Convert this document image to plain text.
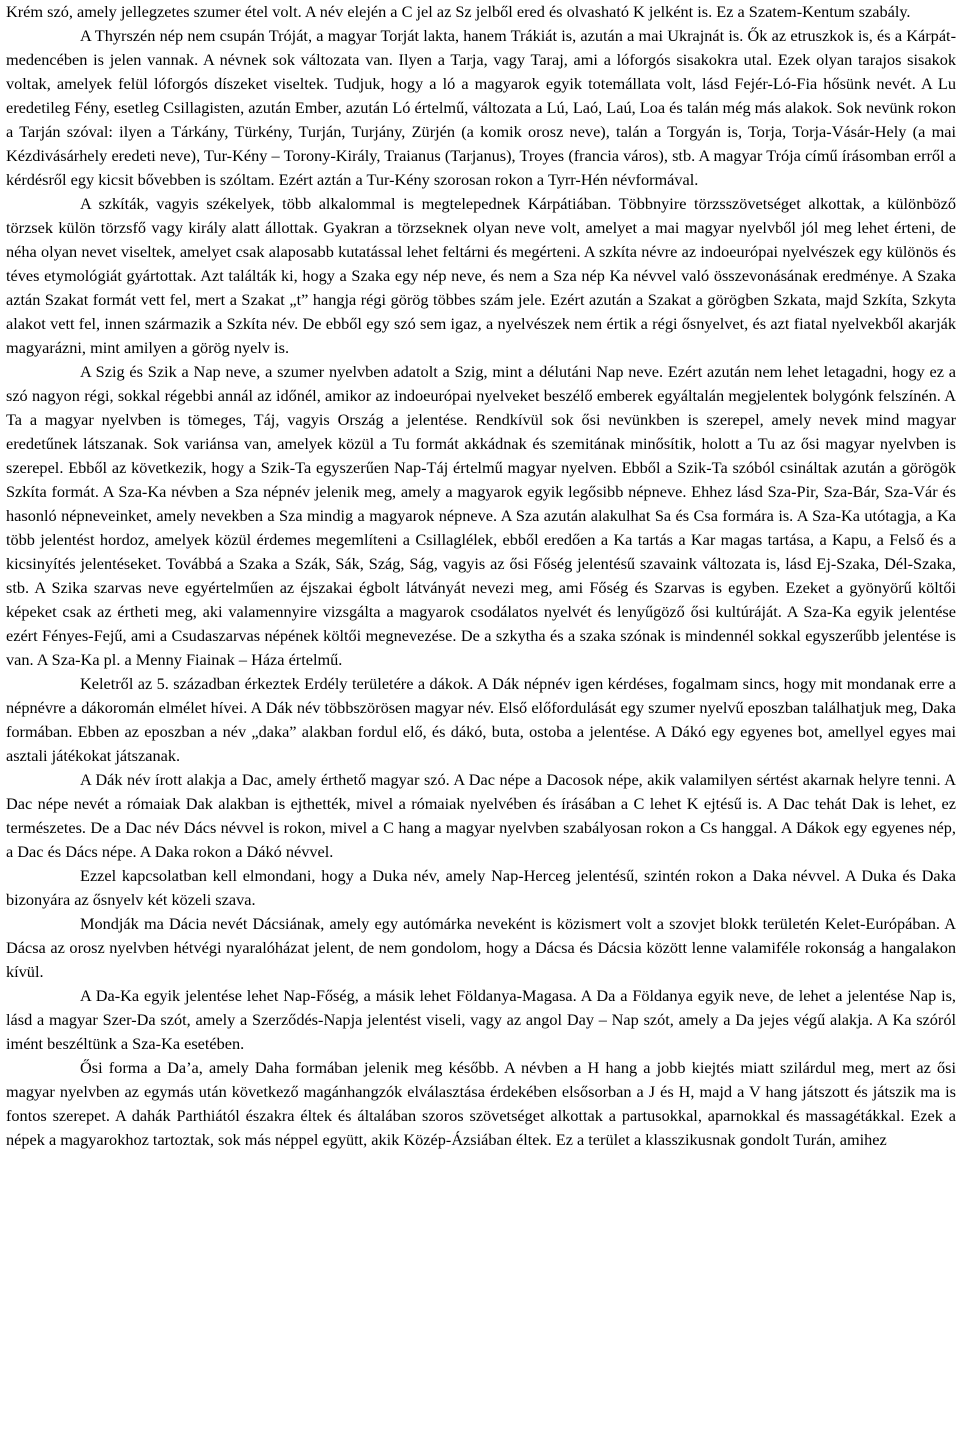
Krém szó, amely jellegzetes szumer étel volt. A név elején a C jel az Sz jelből ered és olvasható K jelként is. Ez a Szatem-Kentum szabály.

A Thyrszén nép nem csupán Tróját, a magyar Torját lakta, hanem Trákiát is, azután a mai Ukrajnát is. Ők az etruszkok is, és a Kárpát-medencében is jelen vannak. A névnek sok változata van. Ilyen a Tarja, vagy Taraj, ami a lóforgós sisakokra utal. Ezek olyan tarajos sisakok voltak, amelyek felül lóforgós díszeket viseltek. Tudjuk, hogy a ló a magyarok egyik totemállata volt, lásd Fejér-Ló-Fia hősünk nevét. A Lu eredetileg Fény, esetleg Csillagisten, azután Ember, azután Ló értelmű, változata a Lú, Laó, Laú, Loa és talán még más alakok. Sok nevünk rokon a Tarján szóval: ilyen a Tárkány, Türkény, Turján, Turjány, Zürjén (a komik orosz neve), talán a Torgyán is, Torja, Torja-Vásár-Hely (a mai Kézdivásárhely eredeti neve), Tur-Kény – Torony-Király, Traianus (Tarjanus), Troyes (francia város), stb. A magyar Trója című írásomban erről a kérdésről egy kicsit bővebben is szóltam. Ezért aztán a Tur-Kény szorosan rokon a Tyrr-Hén névformával.

A szkíták, vagyis székelyek, több alkalommal is megtelepednek Kárpátiában. Többnyire törzsszövetséget alkottak, a különböző törzsek külön törzsfő vagy király alatt állottak. Gyakran a törzseknek olyan neve volt, amelyet a mai magyar nyelvből jól meg lehet érteni, de néha olyan nevet viseltek, amelyet csak alaposabb kutatással lehet feltárni és megérteni. A szkíta névre az indoeurópai nyelvészek egy különös és téves etymológiát gyártottak. Azt találták ki, hogy a Szaka egy nép neve, és nem a Sza nép Ka névvel való összevonásának eredménye. A Szaka aztán Szakat formát vett fel, mert a Szakat „t” hangja régi görög többes szám jele. Ezért azután a Szakat a görögben Szkata, majd Szkíta, Szkyta alakot vett fel, innen származik a Szkíta név. De ebből egy szó sem igaz, a nyelvészek nem értik a régi ősnyelvet, és azt fiatal nyelvekből akarják magyarázni, mint amilyen a görög nyelv is.

A Szig és Szik a Nap neve, a szumer nyelvben adatolt a Szig, mint a délutáni Nap neve. Ezért azután nem lehet letagadni, hogy ez a szó nagyon régi, sokkal régebbi annál az időnél, amikor az indoeurópai nyelveket beszélő emberek egyáltalán megjelentek bolygónk felszínén. A Ta a magyar nyelvben is tömeges, Táj, vagyis Ország a jelentése. Rendkívül sok ősi nevünkben is szerepel, amely nevek mind magyar eredetűnek látszanak. Sok variánsa van, amelyek közül a Tu formát akkádnak és szemitának minősítik, holott a Tu az ősi magyar nyelvben is szerepel. Ebből az következik, hogy a Szik-Ta egyszerűen Nap-Táj értelmű magyar nyelven. Ebből a Szik-Ta szóból csináltak azután a görögök Szkíta formát. A Sza-Ka névben a Sza népnév jelenik meg, amely a magyarok egyik legősibb népneve. Ehhez lásd Sza-Pir, Sza-Bár, Sza-Vár és hasonló népneveinket, amely nevekben a Sza mindig a magyarok népneve. A Sza azután alakulhat Sa és Csa formára is. A Sza-Ka utótagja, a Ka több jelentést hordoz, amelyek közül érdemes megemlíteni a Csillaglélek, ebből eredően a Ka tartás a Kar magas tartása, a Kapu, a Felső és a kicsinyítés jelentéseket. Továbbá a Szaka a Szák, Sák, Szág, Ság, vagyis az ősi Főség jelentésű szavaink változata is, lásd Ej-Szaka, Dél-Szaka, stb. A Szika szarvas neve egyértelműen az éjszakai égbolt látványát nevezi meg, ami Főség és Szarvas is egyben. Ezeket a gyönyörű költői képeket csak az értheti meg, aki valamennyire vizsgálta a magyarok csodálatos nyelvét és lenyűgöző ősi kultúráját. A Sza-Ka egyik jelentése ezért Fényes-Fejű, ami a Csudaszarvas népének költői megnevezése. De a szkytha és a szaka szónak is mindennél sokkal egyszerűbb jelentése is van. A Sza-Ka pl. a Menny Fiainak – Háza értelmű.

Keletről az 5. században érkeztek Erdély területére a dákok. A Dák népnév igen kérdéses, fogalmam sincs, hogy mit mondanak erre a népnévre a dákoromán elmélet hívei. A Dák név többszörösen magyar név. Első előfordulását egy szumer nyelvű eposzban találhatjuk meg, Daka formában. Ebben az eposzban a név „daka” alakban fordul elő, és dákó, buta, ostoba a jelentése. A Dákó egy egyenes bot, amellyel egyes mai asztali játékokat játszanak.

A Dák név írott alakja a Dac, amely érthető magyar szó. A Dac népe a Dacosok népe, akik valamilyen sértést akarnak helyre tenni. A Dac népe nevét a rómaiak Dak alakban is ejthették, mivel a rómaiak nyelvében és írásában a C lehet K ejtésű is. A Dac tehát Dak is lehet, ez természetes. De a Dac név Dács névvel is rokon, mivel a C hang a magyar nyelvben szabályosan rokon a Cs hanggal. A Dákok egy egyenes nép, a Dac és Dács népe. A Daka rokon a Dákó névvel.

Ezzel kapcsolatban kell elmondani, hogy a Duka név, amely Nap-Herceg jelentésű, szintén rokon a Daka névvel. A Duka és Daka bizonyára az ősnyelv két közeli szava.

Mondják ma Dácia nevét Dácsiának, amely egy autómárka neveként is közismert volt a szovjet blokk területén Kelet-Európában. A Dácsa az orosz nyelvben hétvégi nyaralóházat jelent, de nem gondolom, hogy a Dácsa és Dácsia között lenne valamiféle rokonság a hangalakon kívül.

A Da-Ka egyik jelentése lehet Nap-Főség, a másik lehet Földanya-Magasa. A Da a Földanya egyik neve, de lehet a jelentése Nap is, lásd a magyar Szer-Da szót, amely a Szerződés-Napja jelentést viseli, vagy az angol Day – Nap szót, amely a Da jejes végű alakja. A Ka szóról imént beszéltünk a Sza-Ka esetében.

Ősi forma a Da’a, amely Daha formában jelenik meg később. A névben a H hang a jobb kiejtés miatt szilárdul meg, mert az ősi magyar nyelvben az egymás után következő magánhangzók elválasztása érdekében elsősorban a J és H, majd a V hang játszott és játszik ma is fontos szerepet. A dahák Parthiától északra éltek és általában szoros szövetséget alkottak a partusokkal, aparnokkal és massagétákkal. Ezek a népek a magyarokhoz tartoztak, sok más néppel együtt, akik Közép-Ázsiában éltek. Ez a terület a klasszikusnak gondolt Turán, amihez
